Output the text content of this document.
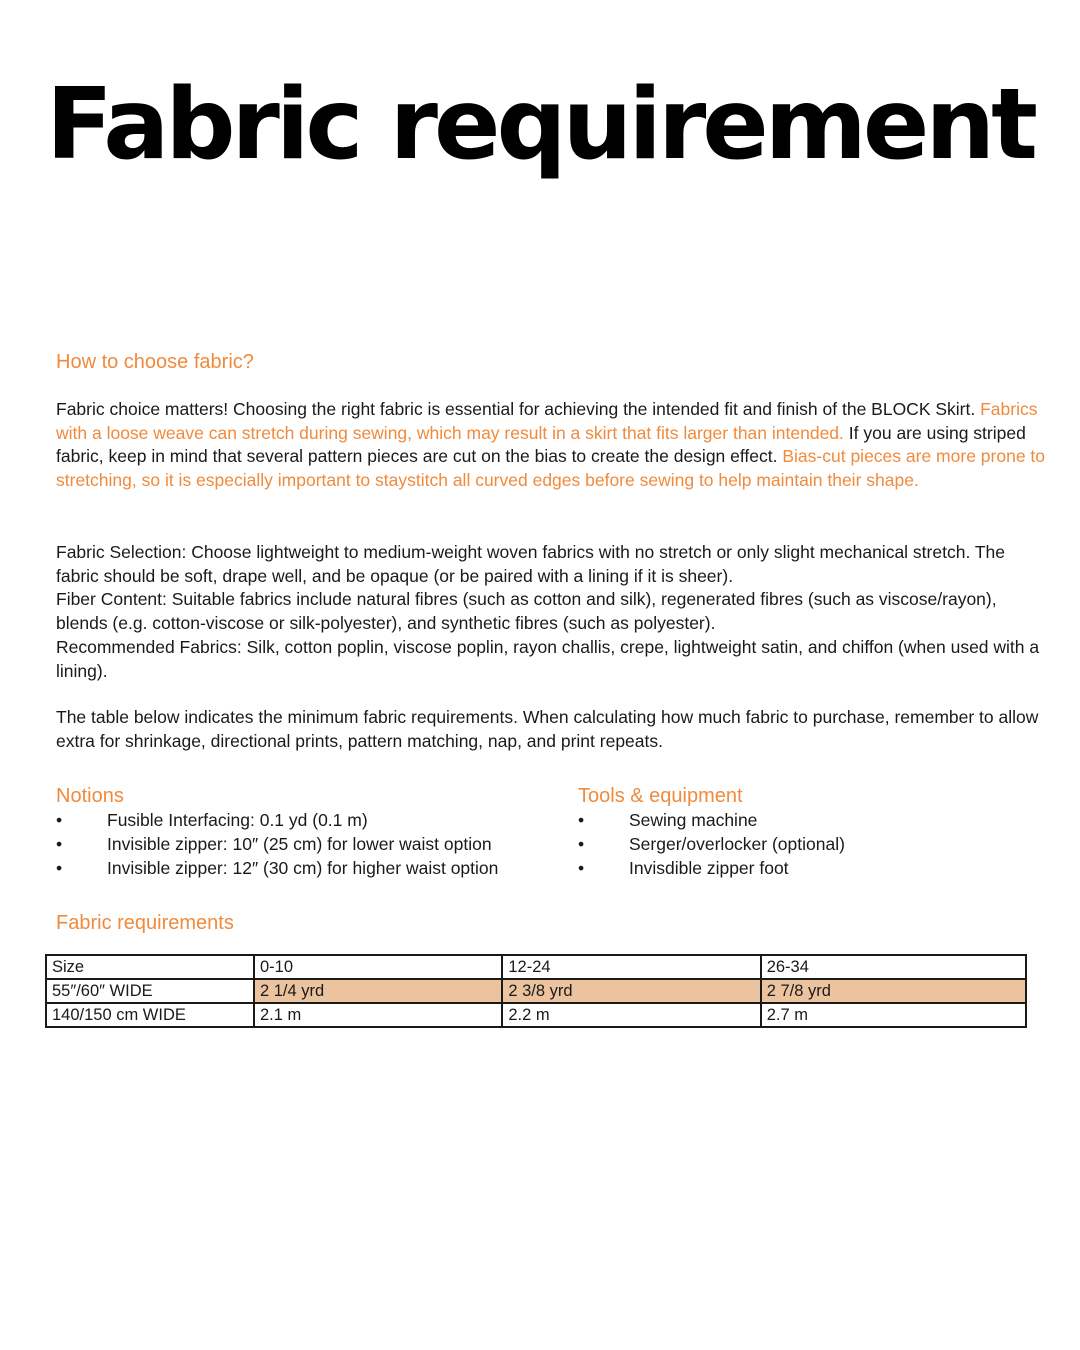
Fabric requirement
How to choose fabric?
Fabric choice matters! Choosing the right fabric is essential for achieving the intended fit and finish of the BLOCK Skirt. Fabrics with a loose weave can stretch during sewing, which may result in a skirt that fits larger than intended. If you are using striped fabric, keep in mind that several pattern pieces are cut on the bias to create the design effect. Bias-cut pieces are more prone to stretching, so it is especially important to staystitch all curved edges before sewing to help maintain their shape.
Fabric Selection: Choose lightweight to medium-weight woven fabrics with no stretch or only slight mechanical stretch. The fabric should be soft, drape well, and be opaque (or be paired with a lining if it is sheer).
Fiber Content: Suitable fabrics include natural fibres (such as cotton and silk), regenerated fibres (such as viscose/rayon), blends (e.g. cotton-viscose or silk-polyester), and synthetic fibres (such as polyester).
Recommended Fabrics: Silk, cotton poplin, viscose poplin, rayon challis, crepe, lightweight satin, and chiffon (when used with a lining).
The table below indicates the minimum fabric requirements. When calculating how much fabric to purchase, remember to allow extra for shrinkage, directional prints, pattern matching, nap, and print repeats.
Notions
•	Fusible Interfacing: 0.1 yd (0.1 m)
•	Invisible zipper: 10″ (25 cm) for lower waist option
•	Invisible zipper: 12″ (30 cm) for higher waist option
Tools & equipment
•	Sewing machine
•	Serger/overlocker (optional)
•	Invisdible zipper foot
Fabric requirements
Size	0-10	12-24	26-34
55″/60″ WIDE	2 1/4 yrd	2 3/8 yrd	2 7/8 yrd
140/150 cm WIDE	2.1 m	2.2 m	2.7 m
